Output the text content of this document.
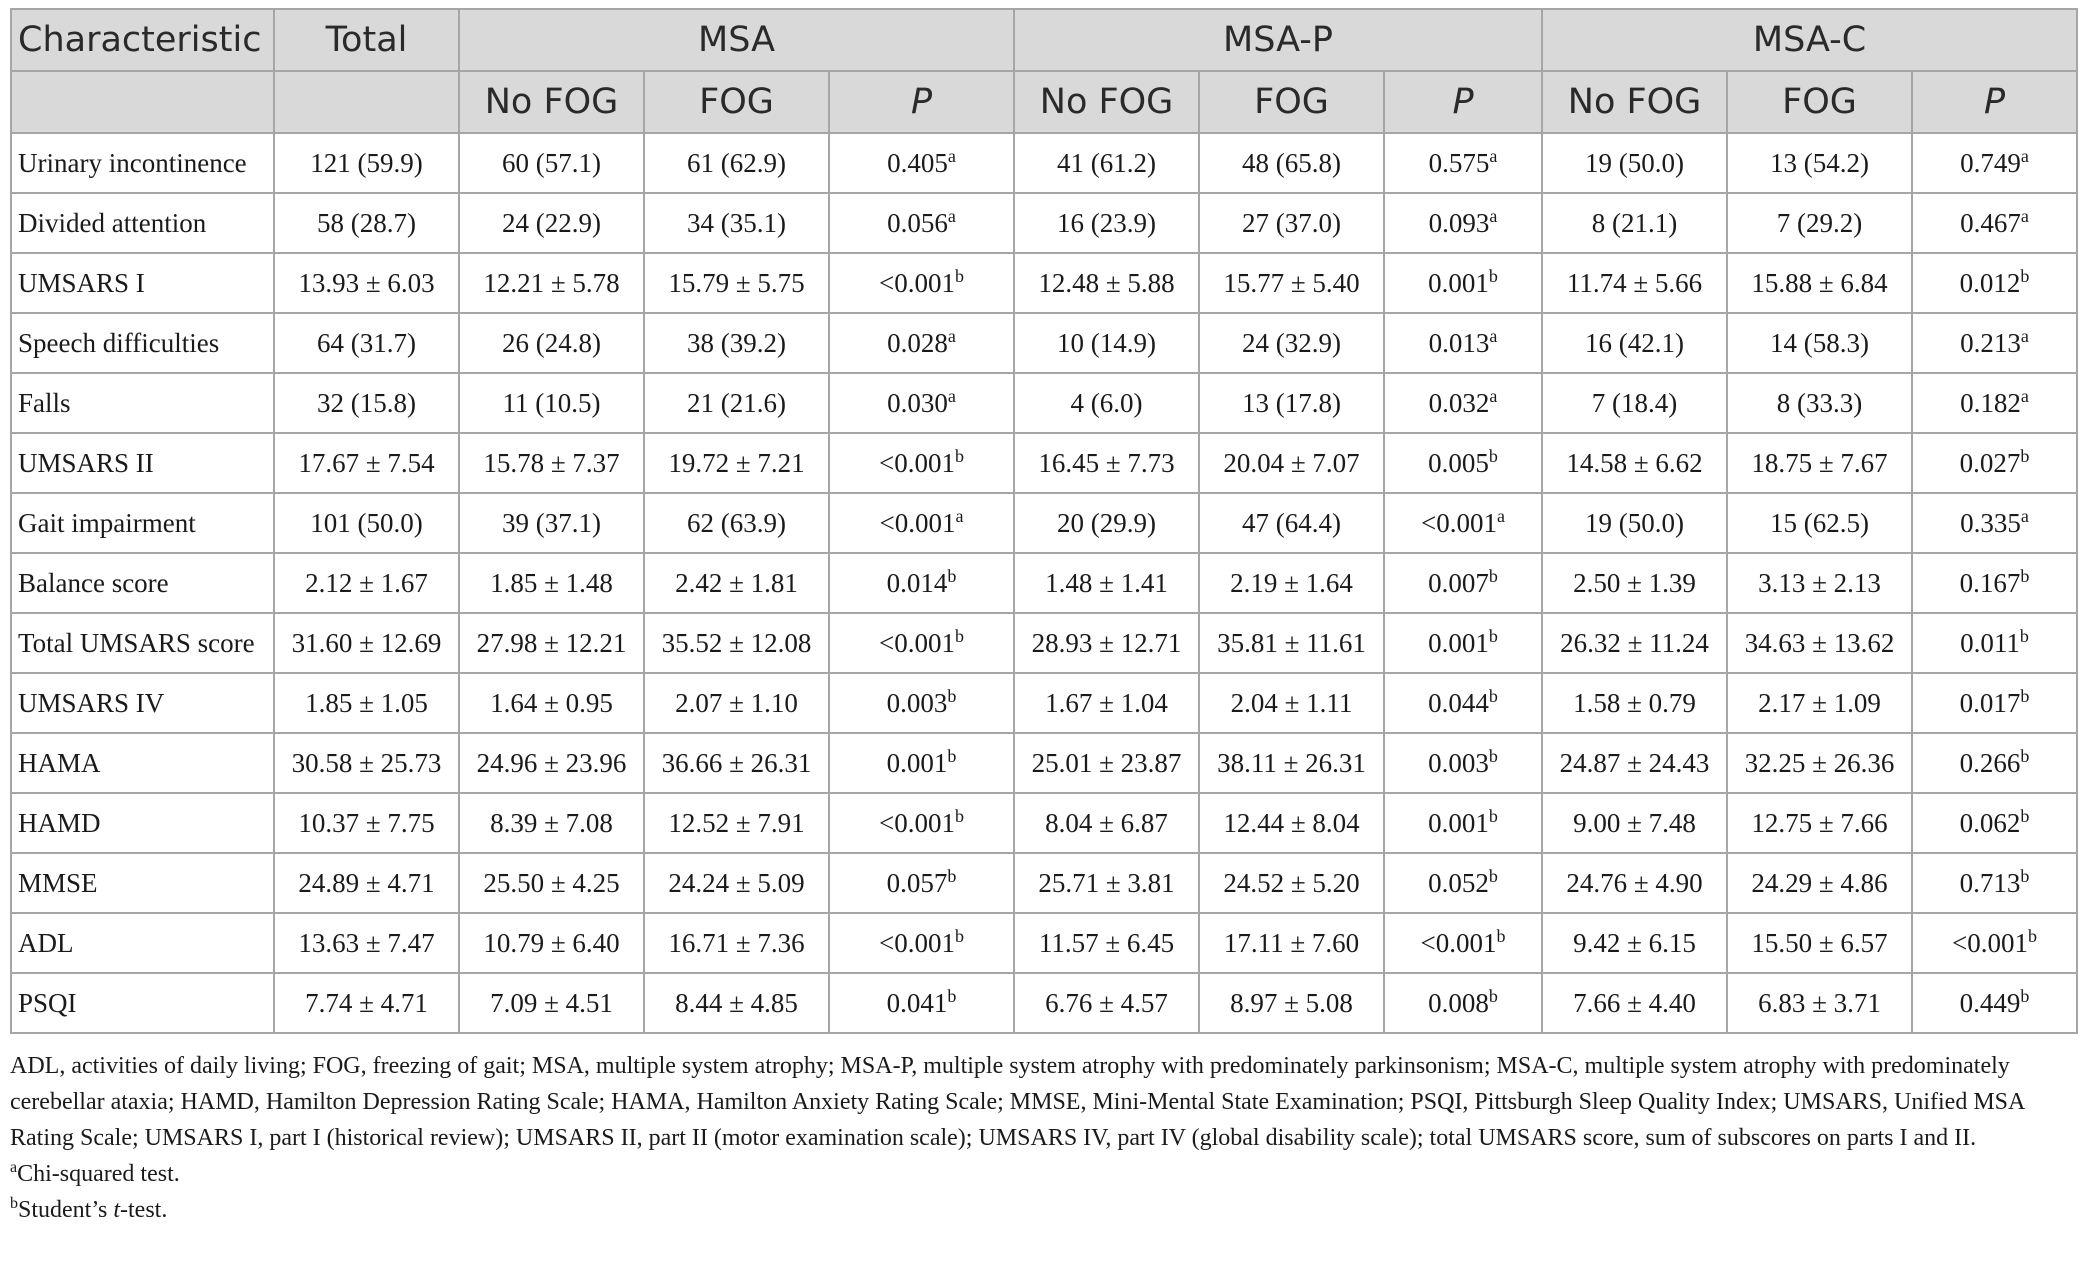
Characteristic	Total	MSA			MSA-P			MSA-C		
		No FOG	FOG	P	No FOG	FOG	P	No FOG	FOG	P
Urinary incontinence	121 (59.9)	60 (57.1)	61 (62.9)	0.405$^a$	41 (61.2)	48 (65.8)	0.575$^a$	19 (50.0)	13 (54.2)	0.749$^a$
Divided attention	58 (28.7)	24 (22.9)	34 (35.1)	0.056$^a$	16 (23.9)	27 (37.0)	0.093$^a$	8 (21.1)	7 (29.2)	0.467$^a$
UMSARS I	13.93 ± 6.03	12.21 ± 5.78	15.79 ± 5.75	<0.001$^b$	12.48 ± 5.88	15.77 ± 5.40	0.001$^b$	11.74 ± 5.66	15.88 ± 6.84	0.012$^b$
Speech difficulties	64 (31.7)	26 (24.8)	38 (39.2)	0.028$^a$	10 (14.9)	24 (32.9)	0.013$^a$	16 (42.1)	14 (58.3)	0.213$^a$
Falls	32 (15.8)	11 (10.5)	21 (21.6)	0.030$^a$	4 (6.0)	13 (17.8)	0.032$^a$	7 (18.4)	8 (33.3)	0.182$^a$
UMSARS II	17.67 ± 7.54	15.78 ± 7.37	19.72 ± 7.21	<0.001$^b$	16.45 ± 7.73	20.04 ± 7.07	0.005$^b$	14.58 ± 6.62	18.75 ± 7.67	0.027$^b$
Gait impairment	101 (50.0)	39 (37.1)	62 (63.9)	<0.001$^a$	20 (29.9)	47 (64.4)	<0.001$^a$	19 (50.0)	15 (62.5)	0.335$^a$
Balance score	2.12 ± 1.67	1.85 ± 1.48	2.42 ± 1.81	0.014$^b$	1.48 ± 1.41	2.19 ± 1.64	0.007$^b$	2.50 ± 1.39	3.13 ± 2.13	0.167$^b$
Total UMSARS score	31.60 ± 12.69	27.98 ± 12.21	35.52 ± 12.08	<0.001$^b$	28.93 ± 12.71	35.81 ± 11.61	0.001$^b$	26.32 ± 11.24	34.63 ± 13.62	0.011$^b$
UMSARS IV	1.85 ± 1.05	1.64 ± 0.95	2.07 ± 1.10	0.003$^b$	1.67 ± 1.04	2.04 ± 1.11	0.044$^b$	1.58 ± 0.79	2.17 ± 1.09	0.017$^b$
HAMA	30.58 ± 25.73	24.96 ± 23.96	36.66 ± 26.31	0.001$^b$	25.01 ± 23.87	38.11 ± 26.31	0.003$^b$	24.87 ± 24.43	32.25 ± 26.36	0.266$^b$
HAMD	10.37 ± 7.75	8.39 ± 7.08	12.52 ± 7.91	<0.001$^b$	8.04 ± 6.87	12.44 ± 8.04	0.001$^b$	9.00 ± 7.48	12.75 ± 7.66	0.062$^b$
MMSE	24.89 ± 4.71	25.50 ± 4.25	24.24 ± 5.09	0.057$^b$	25.71 ± 3.81	24.52 ± 5.20	0.052$^b$	24.76 ± 4.90	24.29 ± 4.86	0.713$^b$
ADL	13.63 ± 7.47	10.79 ± 6.40	16.71 ± 7.36	<0.001$^b$	11.57 ± 6.45	17.11 ± 7.60	<0.001$^b$	9.42 ± 6.15	15.50 ± 6.57	<0.001$^b$
PSQI	7.74 ± 4.71	7.09 ± 4.51	8.44 ± 4.85	0.041$^b$	6.76 ± 4.57	8.97 ± 5.08	0.008$^b$	7.66 ± 4.40	6.83 ± 3.71	0.449$^b$

ADL, activities of daily living; FOG, freezing of gait; MSA, multiple system atrophy; MSA-P, multiple system atrophy with predominately parkinsonism; MSA-C, multiple system atrophy with predominately cerebellar ataxia; HAMD, Hamilton Depression Rating Scale; HAMA, Hamilton Anxiety Rating Scale; MMSE, Mini-Mental State Examination; PSQI, Pittsburgh Sleep Quality Index; UMSARS, Unified MSA Rating Scale; UMSARS I, part I (historical review); UMSARS II, part II (motor examination scale); UMSARS IV, part IV (global disability scale); total UMSARS score, sum of subscores on parts I and II.

$^a$Chi-squared test.

$^b$Student’s t-test.
